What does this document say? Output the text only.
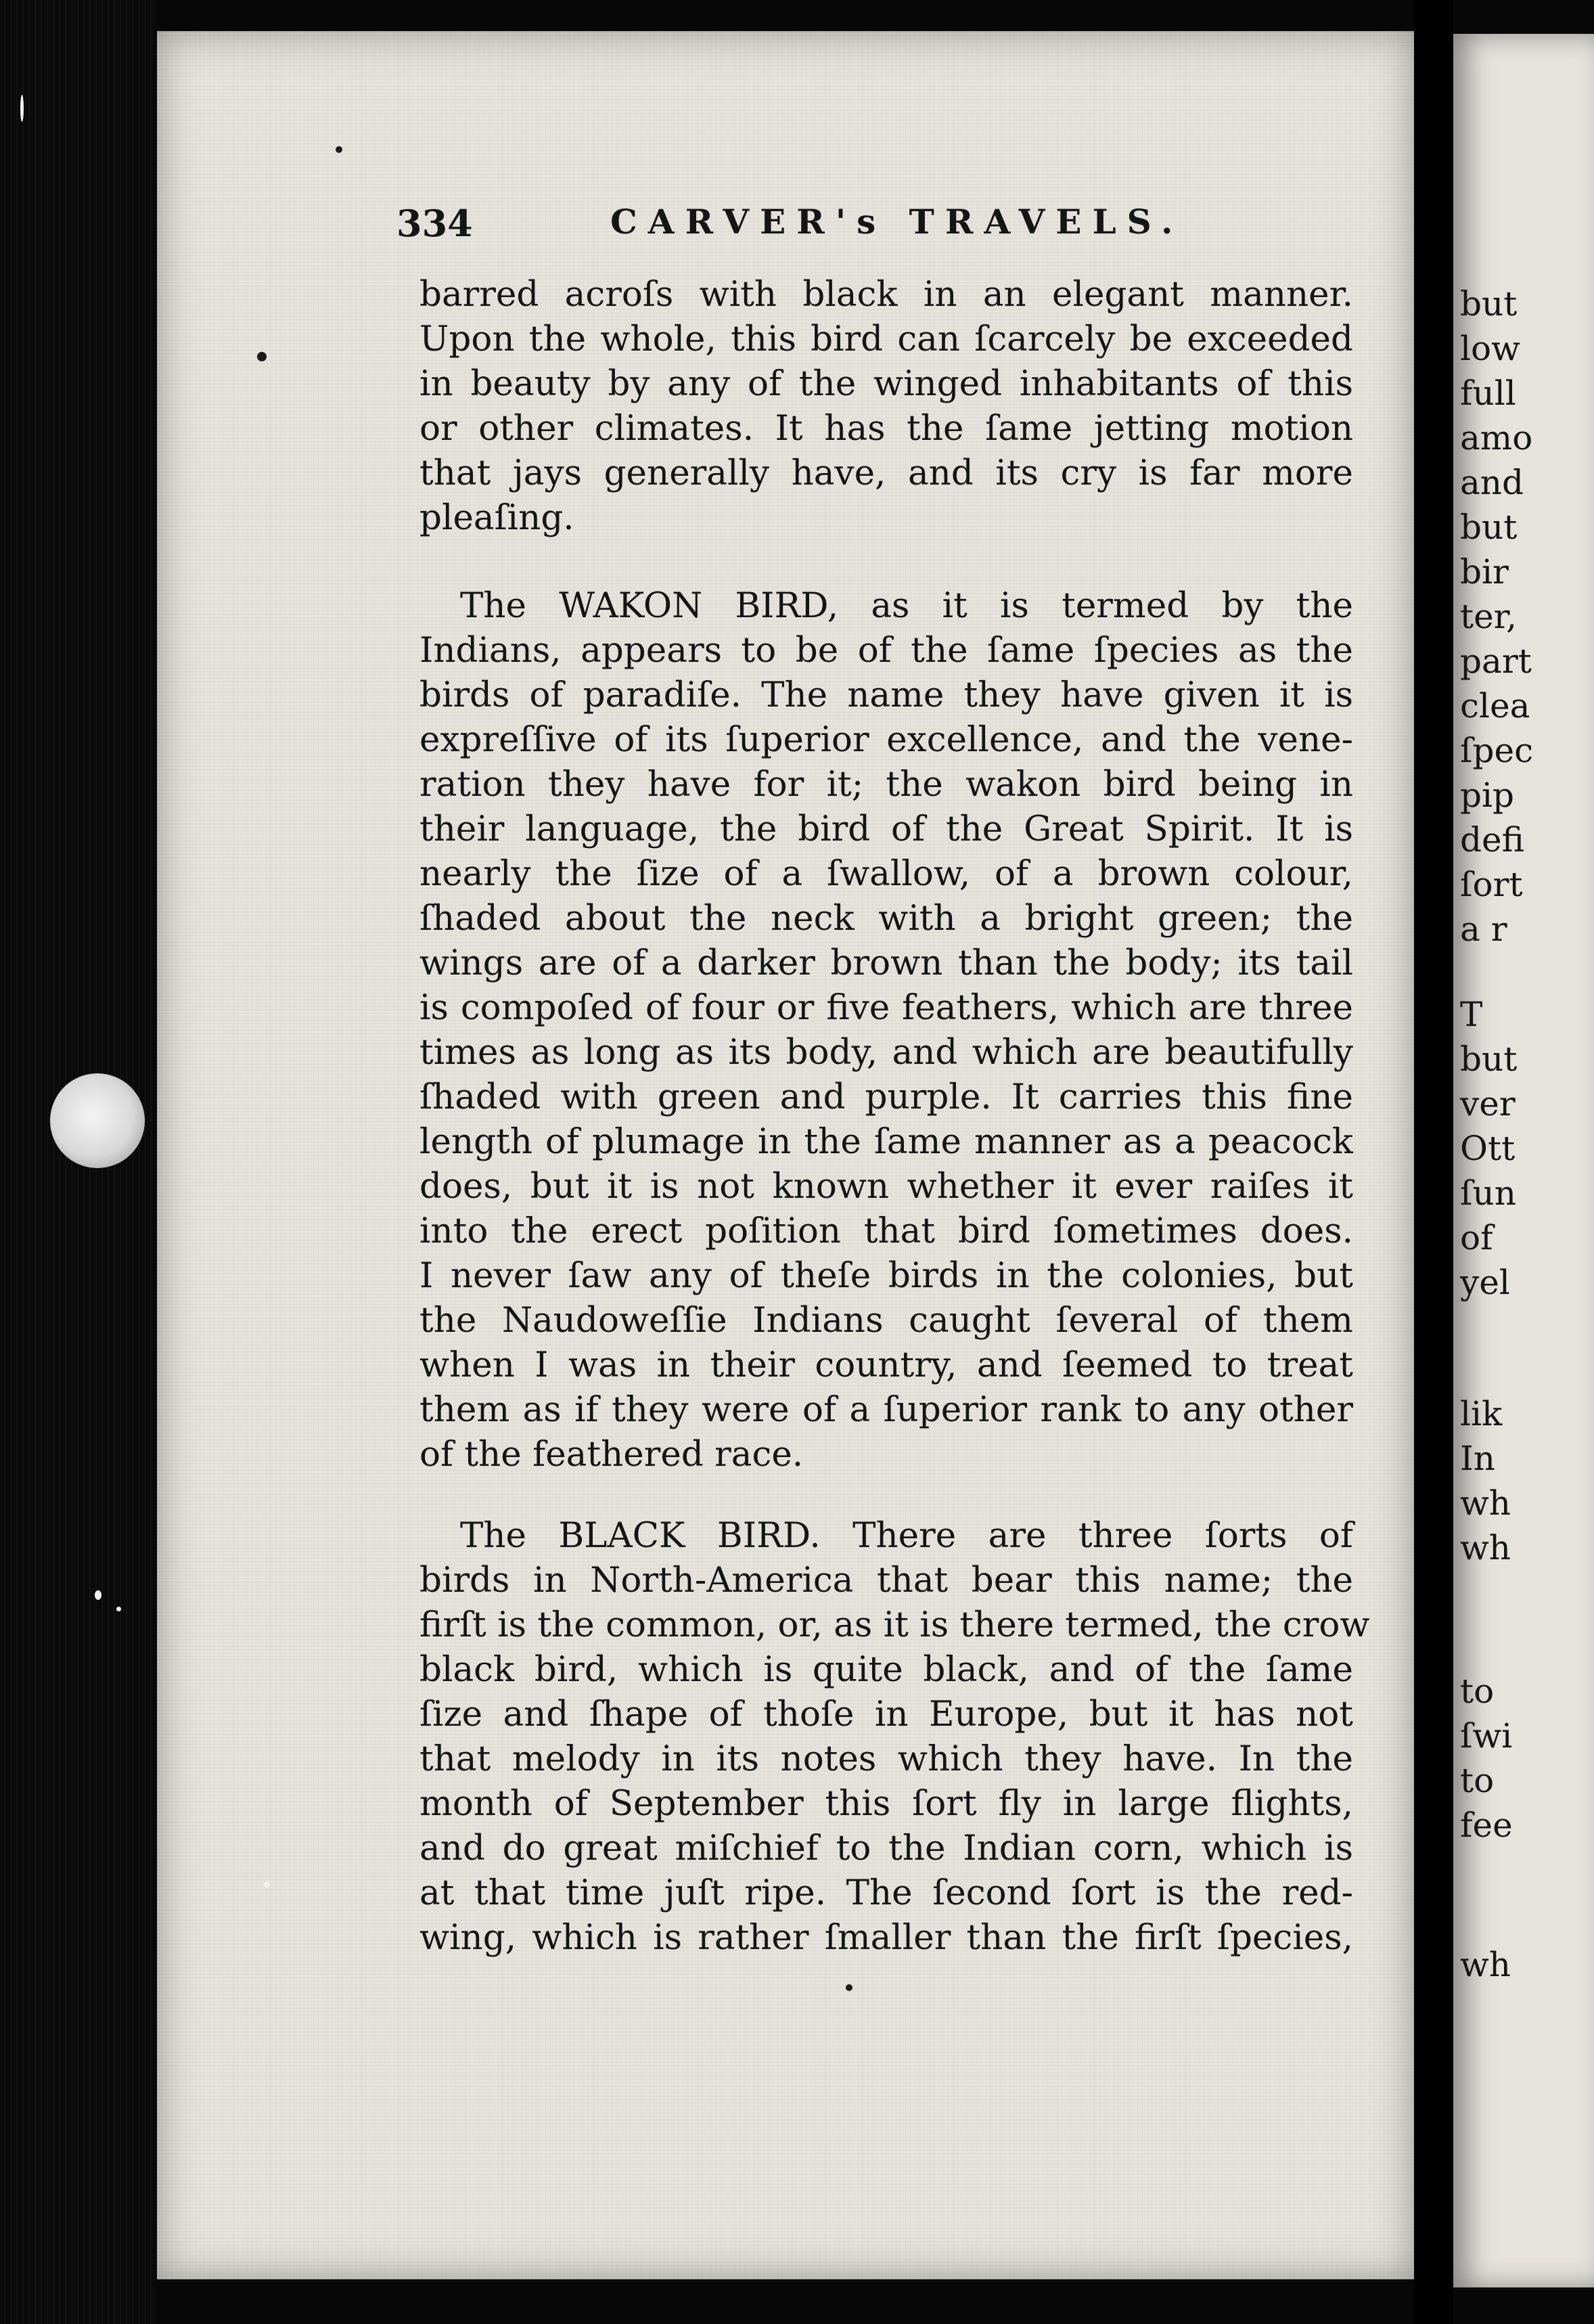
but
low
full
amo
and
but
bir
ter,
part
clea
ſpec
pip
defi
ſort
a r
T
but
ver
Ott
ſun
of
yel
lik
In
wh
wh
to
ſwi
to
fee
wh
334	CARVER's TRAVELS.
barred acroſs with black in an elegant manner.
Upon the whole, this bird can ſcarcely be exceeded
in beauty by any of the winged inhabitants of this
or other climates. It has the ſame jetting motion
that jays generally have, and its cry is far more
pleaſing.
The WAKON BIRD, as it is termed by the
Indians, appears to be of the ſame ſpecies as the
birds of paradiſe. The name they have given it is
expreſſive of its ſuperior excellence, and the vene-
ration they have for it; the wakon bird being in
their language, the bird of the Great Spirit. It is
nearly the ſize of a ſwallow, of a brown colour,
ſhaded about the neck with a bright green; the
wings are of a darker brown than the body; its tail
is compoſed of four or five feathers, which are three
times as long as its body, and which are beautifully
ſhaded with green and purple. It carries this fine
length of plumage in the ſame manner as a peacock
does, but it is not known whether it ever raiſes it
into the erect poſition that bird ſometimes does.
I never ſaw any of theſe birds in the colonies, but
the Naudoweſſie Indians caught ſeveral of them
when I was in their country, and ſeemed to treat
them as if they were of a ſuperior rank to any other
of the feathered race.
The BLACK BIRD. There are three ſorts of
birds in North-America that bear this name; the
firſt is the common, or, as it is there termed, the crow
black bird, which is quite black, and of the ſame
ſize and ſhape of thoſe in Europe, but it has not
that melody in its notes which they have. In the
month of September this ſort fly in large flights,
and do great miſchief to the Indian corn, which is
at that time juſt ripe. The ſecond ſort is the red-
wing, which is rather ſmaller than the firſt ſpecies,
